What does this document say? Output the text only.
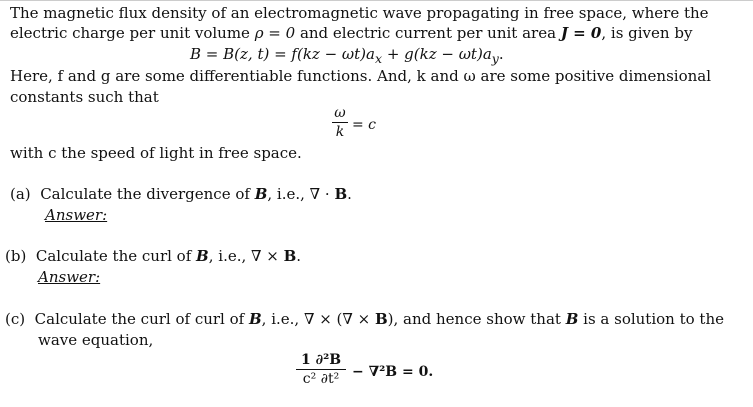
The magnetic flux density of an electromagnetic wave propagating in free space, where the
electric charge per unit volume ρ = 0 and electric current per unit area J = 0, is given by
B = B(z, $t) = f(kz - \omega t)a_x + g(kz - \omega t)a_y$.
Here, f and g are some differentiable functions. And, k and ω are some positive dimensional
constants such that
ω
k = c
with c the speed of light in free space.
(a) Calculate the divergence of B, i.e., ∇ · B.
Answer:
(b) Calculate the curl of B, i.e., ∇ × B.
Answer:
(c) Calculate the curl of curl of B, i.e., ∇ × (∇ × B), and hence show that B is a solution to the
wave equation,
1 ∂²B
c² ∂t² − ∇²B = 0.
